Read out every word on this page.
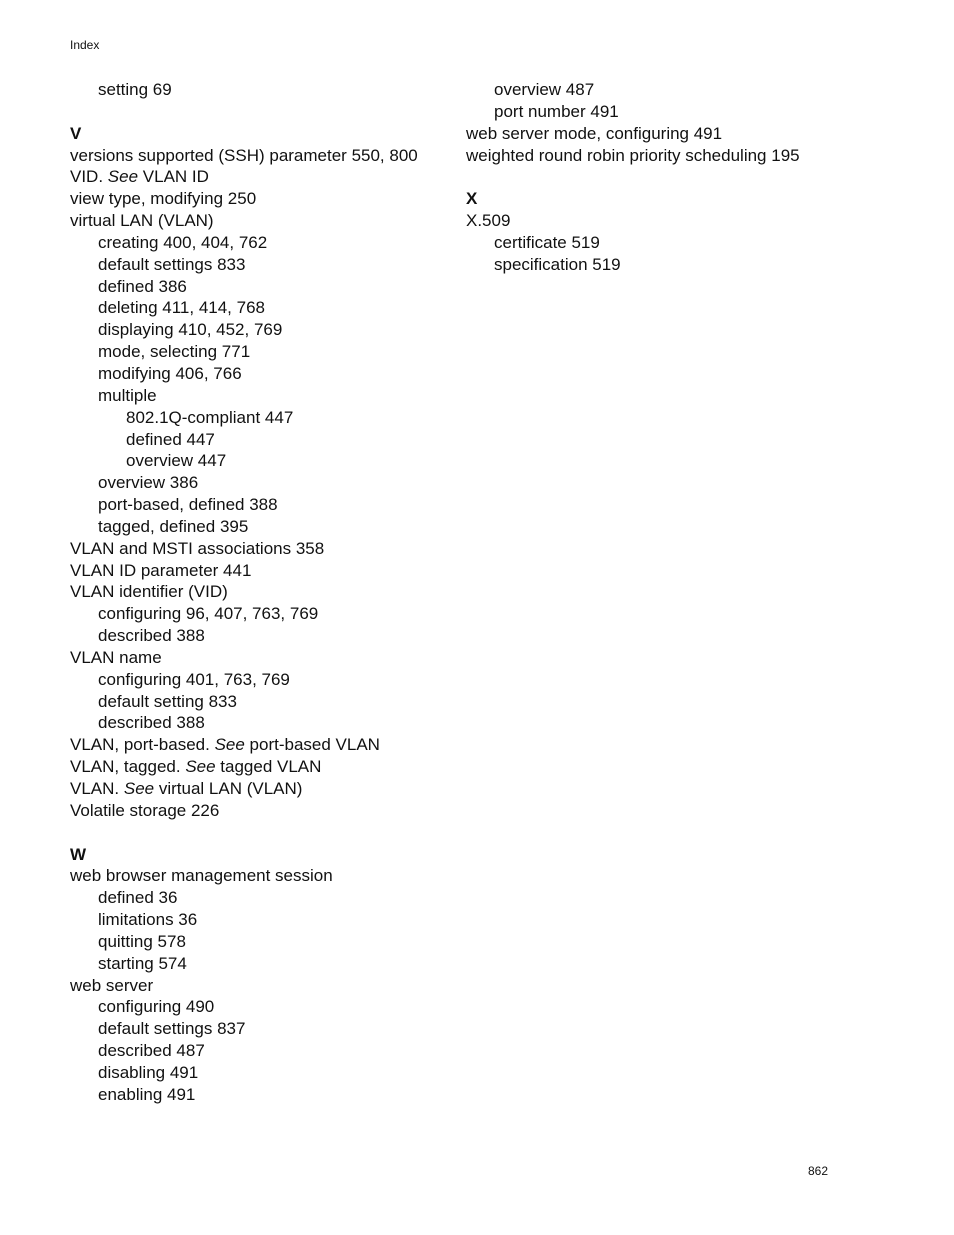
Index
setting 69
V
versions supported (SSH) parameter 550, 800
VID. See VLAN ID
view type, modifying 250
virtual LAN (VLAN)
creating 400, 404, 762
default settings 833
defined 386
deleting 411, 414, 768
displaying 410, 452, 769
mode, selecting 771
modifying 406, 766
multiple
802.1Q-compliant 447
defined 447
overview 447
overview 386
port-based, defined 388
tagged, defined 395
VLAN and MSTI associations 358
VLAN ID parameter 441
VLAN identifier (VID)
configuring 96, 407, 763, 769
described 388
VLAN name
configuring 401, 763, 769
default setting 833
described 388
VLAN, port-based. See port-based VLAN
VLAN, tagged. See tagged VLAN
VLAN. See virtual LAN (VLAN)
Volatile storage 226
W
web browser management session
defined 36
limitations 36
quitting 578
starting 574
web server
configuring 490
default settings 837
described 487
disabling 491
enabling 491
overview 487
port number 491
web server mode, configuring 491
weighted round robin priority scheduling 195
X
X.509
certificate 519
specification 519
862
